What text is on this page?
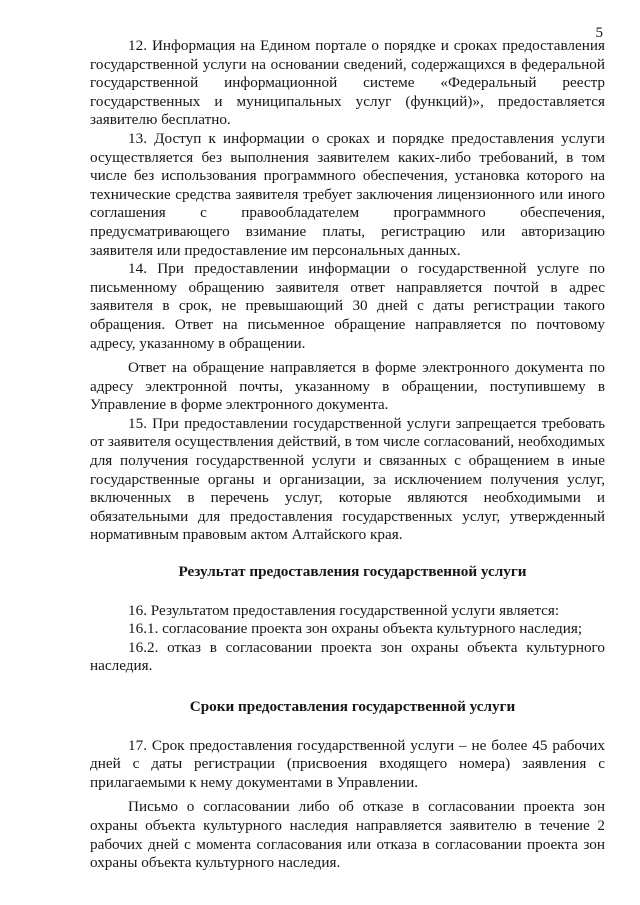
5

12. Информация на Едином портале о порядке и сроках предоставления государственной услуги на основании сведений, содержащихся в федеральной государственной информационной системе «Федеральный реестр государственных и муниципальных услуг (функций)», предоставляется заявителю бесплатно.

13. Доступ к информации о сроках и порядке предоставления услуги осуществляется без выполнения заявителем каких-либо требований, в том числе без использования программного обеспечения, установка которого на технические средства заявителя требует заключения лицензионного или иного соглашения с правообладателем программного обеспечения, предусматривающего взимание платы, регистрацию или авторизацию заявителя или предоставление им персональных данных.

14. При предоставлении информации о государственной услуге по письменному обращению заявителя ответ направляется почтой в адрес заявителя в срок, не превышающий 30 дней с даты регистрации такого обращения. Ответ на письменное обращение направляется по почтовому адресу, указанному в обращении.

Ответ на обращение направляется в форме электронного документа по адресу электронной почты, указанному в обращении, поступившему в Управление в форме электронного документа.

15. При предоставлении государственной услуги запрещается требовать от заявителя осуществления действий, в том числе согласований, необходимых для получения государственной услуги и связанных с обращением в иные государственные органы и организации, за исключением получения услуг, включенных в перечень услуг, которые являются необходимыми и обязательными для предоставления государственных услуг, утвержденный нормативным правовым актом Алтайского края.

Результат предоставления государственной услуги

16. Результатом предоставления государственной услуги является:

16.1. согласование проекта зон охраны объекта культурного наследия;

16.2. отказ в согласовании проекта зон охраны объекта культурного наследия.

Сроки предоставления государственной услуги

17. Срок предоставления государственной услуги – не более 45 рабочих дней с даты регистрации (присвоения входящего номера) заявления с прилагаемыми к нему документами в Управлении.

Письмо о согласовании либо об отказе в согласовании проекта зон охраны объекта культурного наследия направляется заявителю в течение 2 рабочих дней с момента согласования или отказа в согласовании проекта зон охраны объекта культурного наследия.
